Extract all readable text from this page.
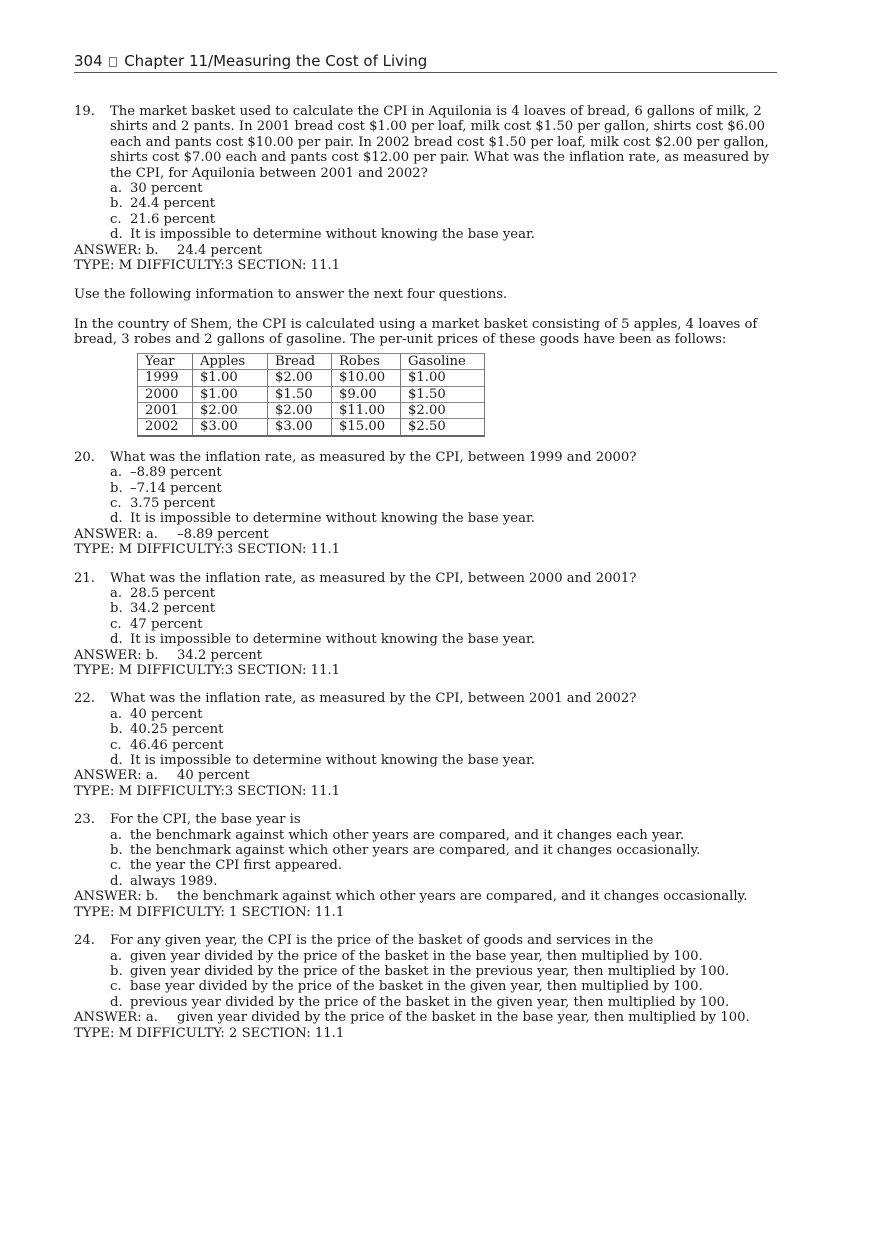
304 Chapter 11/Measuring the Cost of Living
19. The market basket used to calculate the CPI in Aquilonia is 4 loaves of bread, 6 gallons of milk, 2 shirts and 2 pants. In 2001 bread cost $1.00 per loaf, milk cost $1.50 per gallon, shirts cost $6.00 each and pants cost $10.00 per pair. In 2002 bread cost $1.50 per loaf, milk cost $2.00 per gallon, shirts cost $7.00 each and pants cost $12.00 per pair. What was the inflation rate, as measured by the CPI, for Aquilonia between 2001 and 2002?
a. 30 percent
b. 24.4 percent
c. 21.6 percent
d. It is impossible to determine without knowing the base year.
ANSWER: b. 24.4 percent
TYPE: M DIFFICULTY:3 SECTION: 11.1
Use the following information to answer the next four questions.
In the country of Shem, the CPI is calculated using a market basket consisting of 5 apples, 4 loaves of bread, 3 robes and 2 gallons of gasoline. The per-unit prices of these goods have been as follows:
Year	Apples	Bread	Robes	Gasoline
1999	$1.00	$2.00	$10.00	$1.00
2000	$1.00	$1.50	$9.00	$1.50
2001	$2.00	$2.00	$11.00	$2.00
2002	$3.00	$3.00	$15.00	$2.50
20. What was the inflation rate, as measured by the CPI, between 1999 and 2000?
a. –8.89 percent
b. –7.14 percent
c. 3.75 percent
d. It is impossible to determine without knowing the base year.
ANSWER: a. –8.89 percent
TYPE: M DIFFICULTY:3 SECTION: 11.1
21. What was the inflation rate, as measured by the CPI, between 2000 and 2001?
a. 28.5 percent
b. 34.2 percent
c. 47 percent
d. It is impossible to determine without knowing the base year.
ANSWER: b. 34.2 percent
TYPE: M DIFFICULTY:3 SECTION: 11.1
22. What was the inflation rate, as measured by the CPI, between 2001 and 2002?
a. 40 percent
b. 40.25 percent
c. 46.46 percent
d. It is impossible to determine without knowing the base year.
ANSWER: a. 40 percent
TYPE: M DIFFICULTY:3 SECTION: 11.1
23. For the CPI, the base year is
a. the benchmark against which other years are compared, and it changes each year.
b. the benchmark against which other years are compared, and it changes occasionally.
c. the year the CPI first appeared.
d. always 1989.
ANSWER: b. the benchmark against which other years are compared, and it changes occasionally.
TYPE: M DIFFICULTY: 1 SECTION: 11.1
24. For any given year, the CPI is the price of the basket of goods and services in the
a. given year divided by the price of the basket in the base year, then multiplied by 100.
b. given year divided by the price of the basket in the previous year, then multiplied by 100.
c. base year divided by the price of the basket in the given year, then multiplied by 100.
d. previous year divided by the price of the basket in the given year, then multiplied by 100.
ANSWER: a. given year divided by the price of the basket in the base year, then multiplied by 100.
TYPE: M DIFFICULTY: 2 SECTION: 11.1
